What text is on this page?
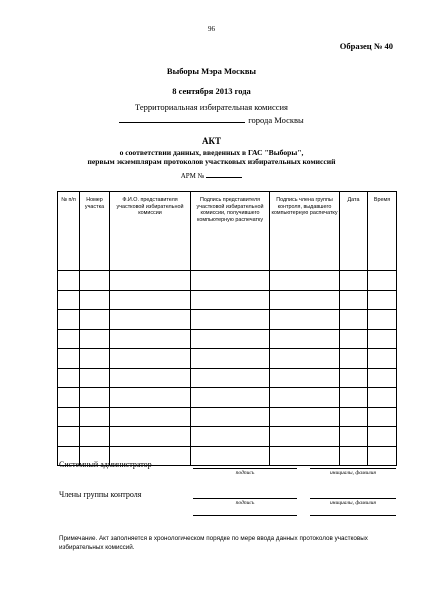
96
Образец № 40
Выборы Мэра Москвы
8 сентября 2013 года
Территориальная избирательная комиссия
города Москвы
АКТ
о соответствии данных, введенных в ГАС "Выборы",
первым экземплярам протоколов участковых избирательных комиссий
АРМ №
№ п/п	Номер участка	Ф.И.О. представителя участковой избирательной комиссии	Подпись представителя участковой избирательной комиссии, получившего компьютерную распечатку	Подпись члена группы контроля, выдавшего компьютерную распечатку	Дата	Время

Системный администратор
подпись	инициалы, фамилия
Члены группы контроля
подпись	инициалы, фамилия
Примечание. Акт заполняется в хронологическом порядке по мере ввода данных протоколов участковых избирательных комиссий.
